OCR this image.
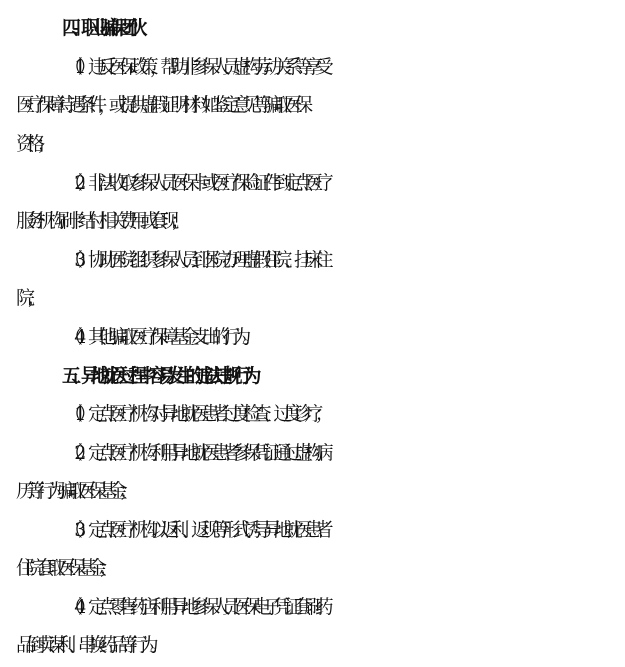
四、职业骗保团伙
（1）违反医保政策，帮助非参保人员虚构劳动关系等享受
医疗保障待遇条件，或提供虚假证明材料如鉴定意见等骗取医保
资格；
（2）非法收取参保人员医保卡或医疗保险证件到定点医疗
服务机构刷卡结付相关费用或套现；
（3）协助医院组织参保人员到医院办理虚假住院、挂床住
院；
（4）其他骗取医疗保障基金支出的行为。
五、异地就医过程中容易发生的违法违规行为
（1）定点医疗机构对异地就医患者过度检查、过度诊疗；
（2）定点医疗机构利用异地就医患者参保凭证通过虚构病
历等行为骗取医保基金；
（3）定点医疗机构以返利、返现等形式诱导异地就医患者
住院套取医保基金；
（4）定点零售药店利用异地参保人员医保电子凭证套刷药
品倒卖谋利、串换药品等行为。
